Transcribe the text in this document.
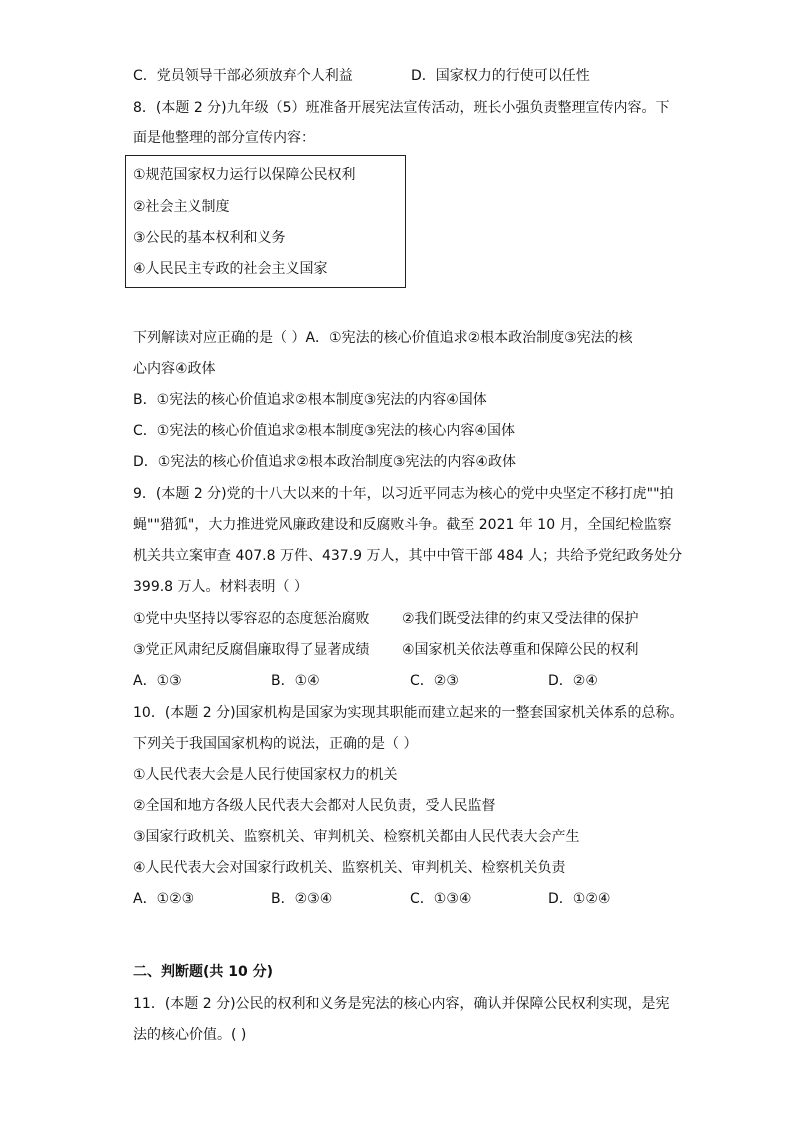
C．党员领导干部必须放弃个人利益	D．国家权力的行使可以任性
8．(本题 2 分)九年级（5）班准备开展宪法宣传活动，班长小强负责整理宣传内容。下
面是他整理的部分宣传内容：
①规范国家权力运行以保障公民权利
②社会主义制度
③公民的基本权利和义务
④人民民主专政的社会主义国家
下列解读对应正确的是（ ）A．①宪法的核心价值追求②根本政治制度③宪法的核
心内容④政体
B．①宪法的核心价值追求②根本制度③宪法的内容④国体
C．①宪法的核心价值追求②根本制度③宪法的核心内容④国体
D．①宪法的核心价值追求②根本政治制度③宪法的内容④政体
9．(本题 2 分)党的十八大以来的十年，以习近平同志为核心的党中央坚定不移打虎""拍
蝇""猎狐"，大力推进党风廉政建设和反腐败斗争。截至 2021 年 10 月，全国纪检监察
机关共立案审查 407.8 万件、437.9 万人，其中中管干部 484 人；共给予党纪政务处分
399.8 万人。材料表明（ ）
①党中央坚持以零容忍的态度惩治腐败 ②我们既受法律的约束又受法律的保护
③党正风肃纪反腐倡廉取得了显著成绩 ④国家机关依法尊重和保障公民的权利
A．①③	B．①④	C．②③	D．②④
10．(本题 2 分)国家机构是国家为实现其职能而建立起来的一整套国家机关体系的总称。
下列关于我国国家机构的说法，正确的是（ ）
①人民代表大会是人民行使国家权力的机关
②全国和地方各级人民代表大会都对人民负责，受人民监督
③国家行政机关、监察机关、审判机关、检察机关都由人民代表大会产生
④人民代表大会对国家行政机关、监察机关、审判机关、检察机关负责
A．①②③	B．②③④	C．①③④	D．①②④
二、判断题(共 10 分)
11．(本题 2 分)公民的权利和义务是宪法的核心内容，确认并保障公民权利实现，是宪
法的核心价值。( )
